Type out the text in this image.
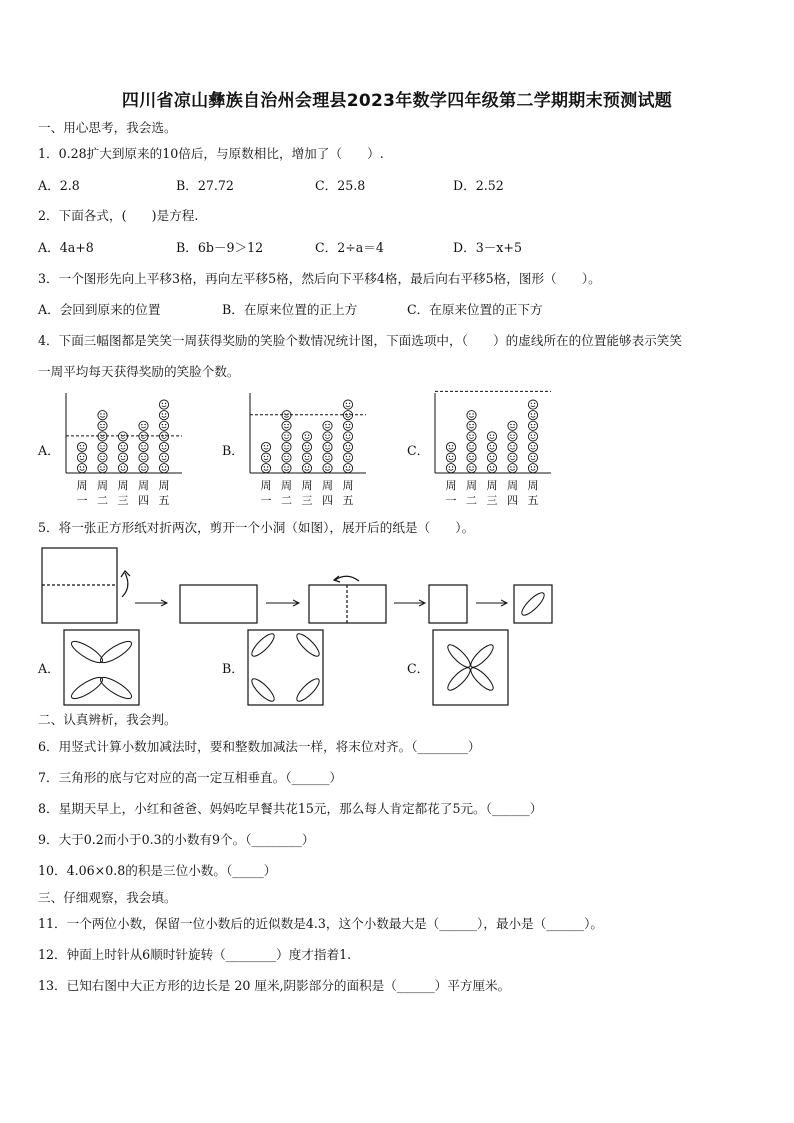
四川省凉山彝族自治州会理县2023年数学四年级第二学期期末预测试题
一、用心思考，我会选。
1．0.28扩大到原来的10倍后，与原数相比，增加了（　　）.
A．2.8	B．27.72	C．25.8	D．2.52
2．下面各式，(　　)是方程.
A．4a+8	B．6b－9＞12	C．2÷a＝4	D．3－x+5
3．一个图形先向上平移3格，再向左平移5格，然后向下平移4格，最后向右平移5格，图形（　　）。
A．会回到原来的位置	B．在原来位置的正上方	C．在原来位置的正下方
4．下面三幅图都是笑笑一周获得奖励的笑脸个数情况统计图，下面选项中，（　　）的虚线所在的位置能够表示笑笑
一周平均每天获得奖励的笑脸个数。
A．
周
一
周
二
周
三
周
四
周
五
B．
周
一
周
二
周
三
周
四
周
五
C．
周
一
周
二
周
三
周
四
周
五
5．将一张正方形纸对折两次，剪开一个小洞（如图），展开后的纸是（　　）。
A．	B．	C．
二、认真辨析，我会判。
6．用竖式计算小数加减法时，要和整数加减法一样，将末位对齐。（________）
7．三角形的底与它对应的高一定互相垂直。（______）
8．星期天早上，小红和爸爸、妈妈吃早餐共花15元，那么每人肯定都花了5元。（______）
9．大于0.2而小于0.3的小数有9个。（________）
10．4.06×0.8的积是三位小数。（_____）
三、仔细观察，我会填。
11．一个两位小数，保留一位小数后的近似数是4.3，这个小数最大是（______），最小是（______）。
12．钟面上时针从6顺时针旋转（________）度才指着1.
13．已知右图中大正方形的边长是 20 厘米,阴影部分的面积是（______）平方厘米。
